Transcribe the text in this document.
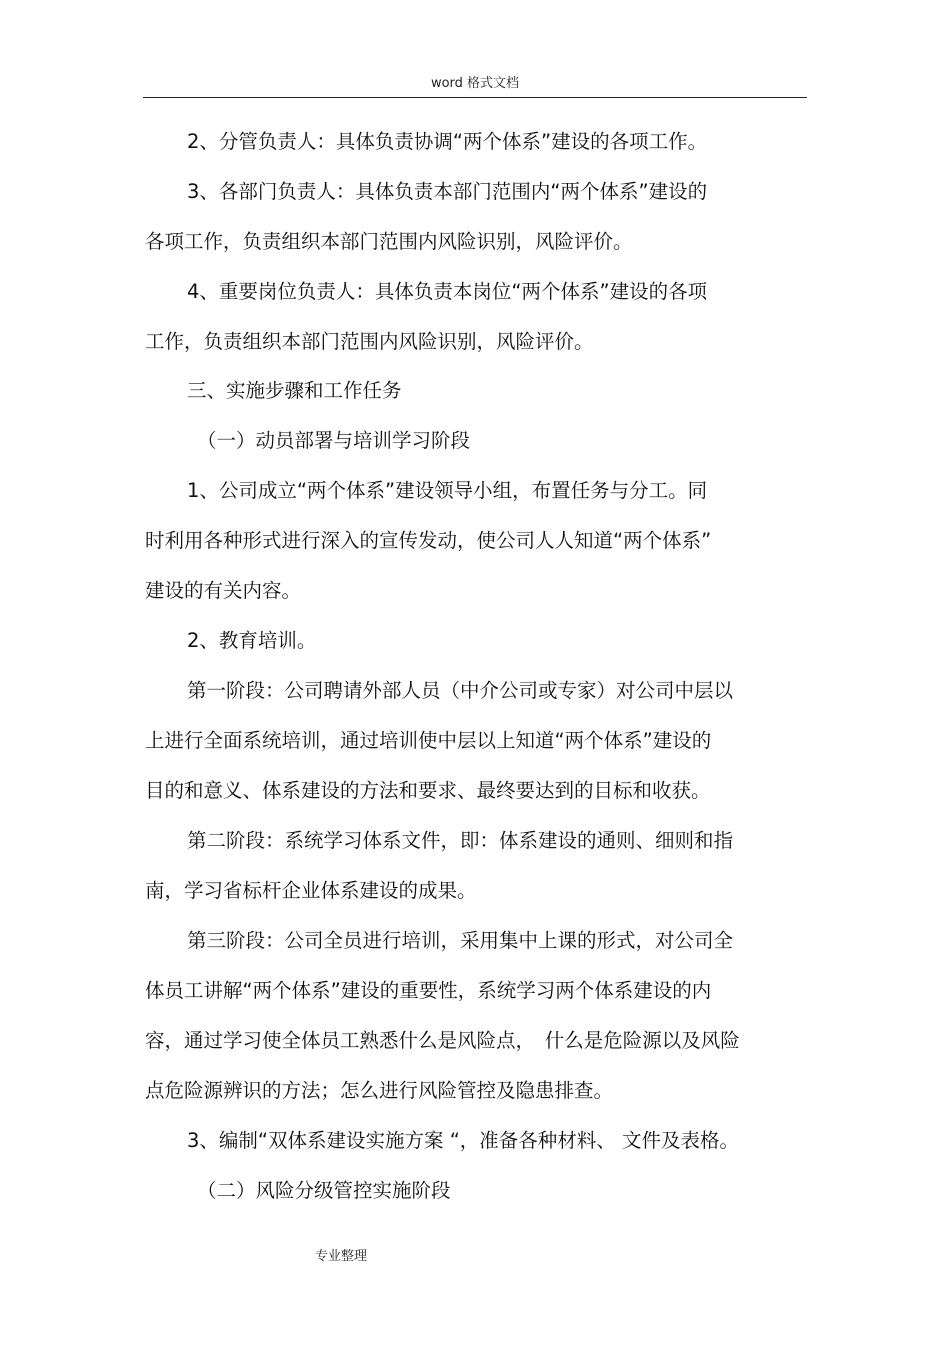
word 格式文档
2、分管负责人：具体负责协调“两个体系”建设的各项工作。
3、各部门负责人：具体负责本部门范围内“两个体系”建设的
各项工作，负责组织本部门范围内风险识别，风险评价。
4、重要岗位负责人：具体负责本岗位“两个体系”建设的各项
工作，负责组织本部门范围内风险识别，风险评价。
三、实施步骤和工作任务
（一）动员部署与培训学习阶段
1、公司成立“两个体系”建设领导小组，布置任务与分工。同
时利用各种形式进行深入的宣传发动，使公司人人知道“两个体系”
建设的有关内容。
2、教育培训。
第一阶段：公司聘请外部人员（中介公司或专家）对公司中层以
上进行全面系统培训，通过培训使中层以上知道“两个体系”建设的
目的和意义、体系建设的方法和要求、最终要达到的目标和收获。
第二阶段：系统学习体系文件，即：体系建设的通则、细则和指
南，学习省标杆企业体系建设的成果。
第三阶段：公司全员进行培训，采用集中上课的形式，对公司全
体员工讲解“两个体系”建设的重要性，系统学习两个体系建设的内
容，通过学习使全体员工熟悉什么是风险点，　什么是危险源以及风险
点危险源辨识的方法；怎么进行风险管控及隐患排查。
3、编制“双体系建设实施方案 “，准备各种材料、 文件及表格。
（二）风险分级管控实施阶段
专业整理
